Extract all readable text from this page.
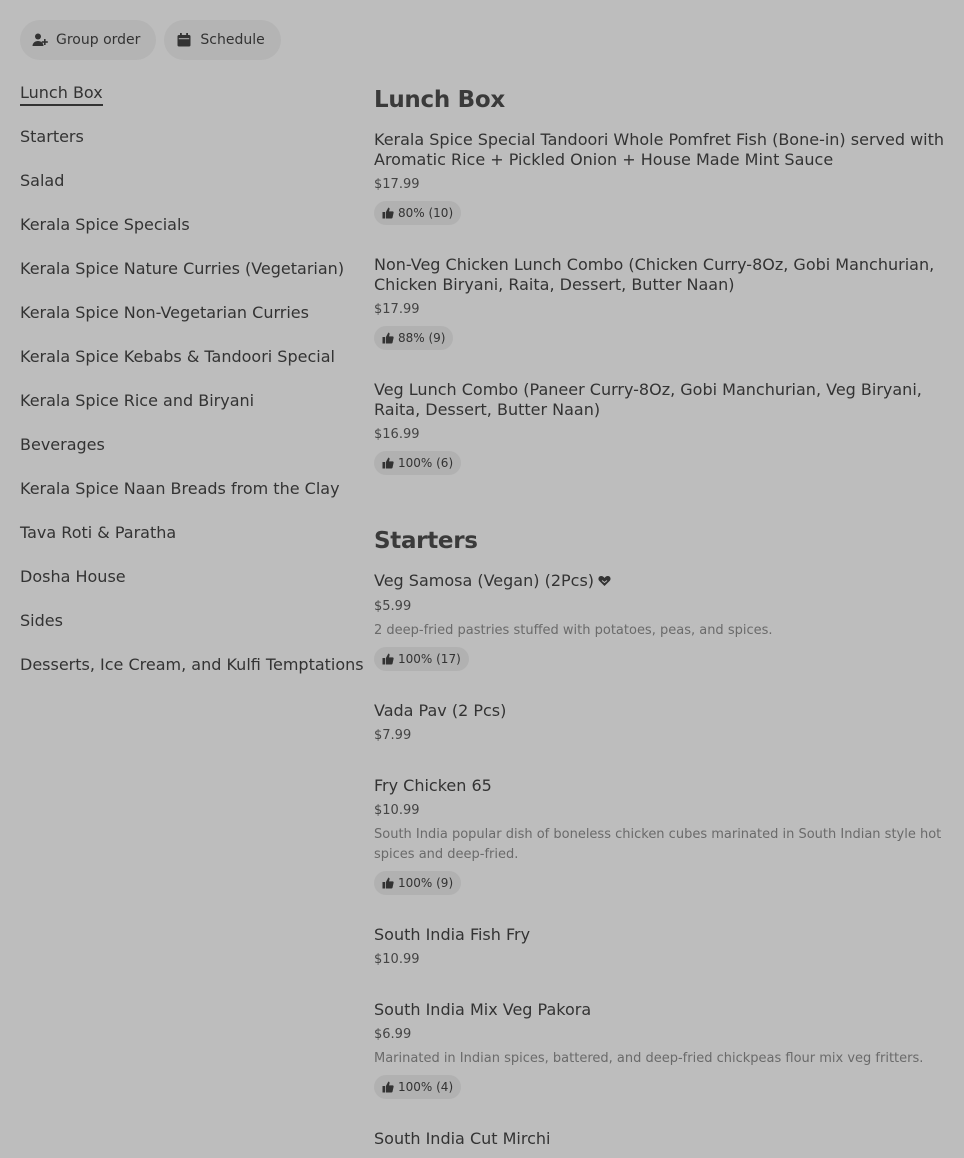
Group order	Schedule
Lunch Box
Starters
Salad
Kerala Spice Specials
Kerala Spice Nature Curries (Vegetarian)
Kerala Spice Non-Vegetarian Curries
Kerala Spice Kebabs & Tandoori Special
Kerala Spice Rice and Biryani
Beverages
Kerala Spice Naan Breads from the Clay
Tava Roti & Paratha
Dosha House
Sides
Desserts, Ice Cream, and Kulfi Temptations
Lunch Box
Kerala Spice Special Tandoori Whole Pomfret Fish (Bone-in) served with Aromatic Rice + Pickled Onion + House Made Mint Sauce
$17.99
80% (10)
Non-Veg Chicken Lunch Combo (Chicken Curry-8Oz, Gobi Manchurian, Chicken Biryani, Raita, Dessert, Butter Naan)
$17.99
88% (9)
Veg Lunch Combo (Paneer Curry-8Oz, Gobi Manchurian, Veg Biryani, Raita, Dessert, Butter Naan)
$16.99
100% (6)
Starters
Veg Samosa (Vegan) (2Pcs)
$5.99
2 deep-fried pastries stuffed with potatoes, peas, and spices.
100% (17)
Vada Pav (2 Pcs)
$7.99
Fry Chicken 65
$10.99
South India popular dish of boneless chicken cubes marinated in South Indian style hot spices and deep-fried.
100% (9)
South India Fish Fry
$10.99
South India Mix Veg Pakora
$6.99
Marinated in Indian spices, battered, and deep-fried chickpeas flour mix veg fritters.
100% (4)
South India Cut Mirchi
